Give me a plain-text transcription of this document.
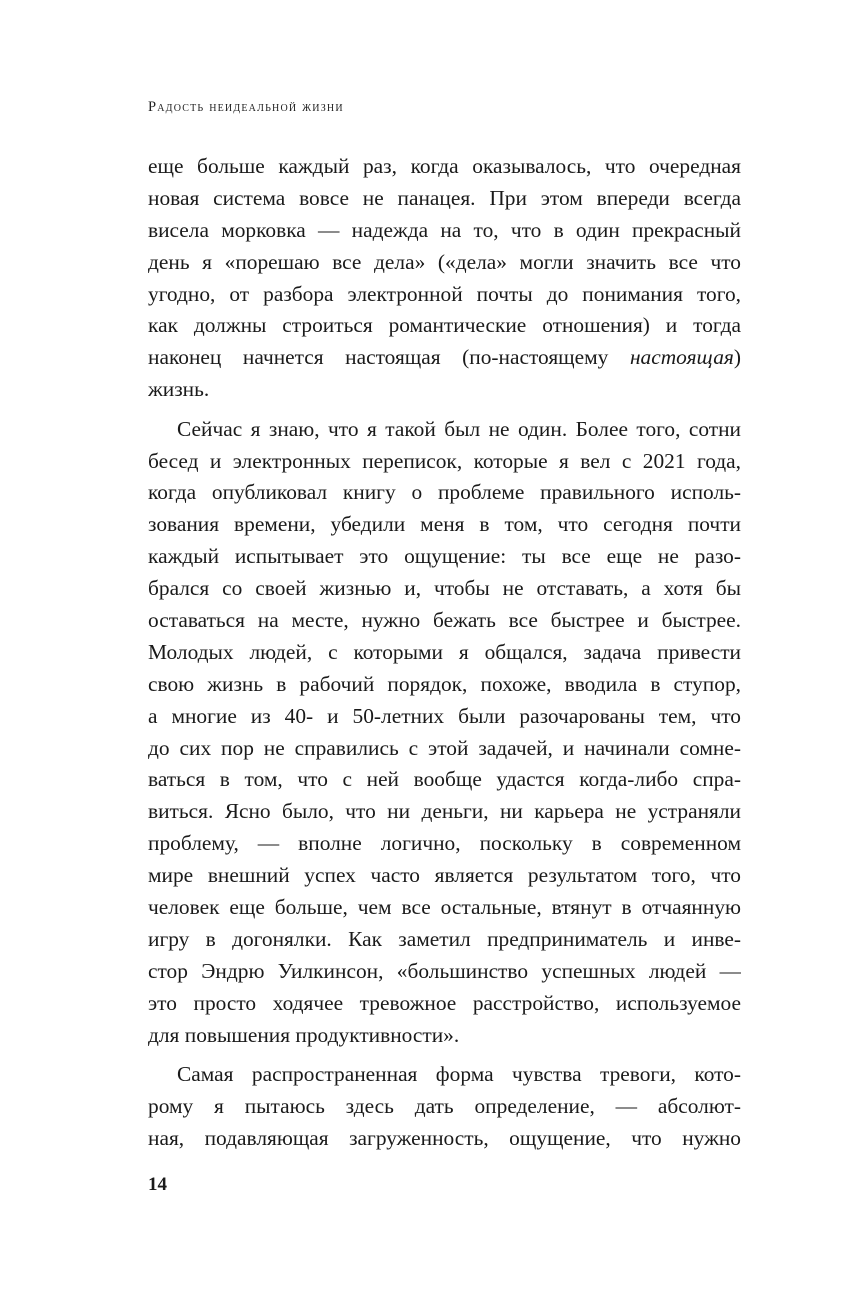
Радость неидеальной жизни
еще больше каждый раз, когда оказывалось, что очередная
новая система вовсе не панацея. При этом впереди всегда
висела морковка — надежда на то, что в один прекрасный
день я «порешаю все дела» («дела» могли значить все что
угодно, от разбора электронной почты до понимания того,
как должны строиться романтические отношения) и тогда
наконец начнется настоящая (по-настоящему настоящая)
жизнь.
Сейчас я знаю, что я такой был не один. Более того, сотни
бесед и электронных переписок, которые я вел с 2021 года,
когда опубликовал книгу о проблеме правильного исполь-
зования времени, убедили меня в том, что сегодня почти
каждый испытывает это ощущение: ты все еще не разо-
брался со своей жизнью и, чтобы не отставать, а хотя бы
оставаться на месте, нужно бежать все быстрее и быстрее.
Молодых людей, с которыми я общался, задача привести
свою жизнь в рабочий порядок, похоже, вводила в ступор,
а многие из 40- и 50-летних были разочарованы тем, что
до сих пор не справились с этой задачей, и начинали сомне-
ваться в том, что с ней вообще удастся когда-либо спра-
виться. Ясно было, что ни деньги, ни карьера не устраняли
проблему, — вполне логично, поскольку в современном
мире внешний успех часто является результатом того, что
человек еще больше, чем все остальные, втянут в отчаянную
игру в догонялки. Как заметил предприниматель и инве-
стор Эндрю Уилкинсон, «большинство успешных людей —
это просто ходячее тревожное расстройство, используемое
для повышения продуктивности».
Самая распространенная форма чувства тревоги, кото-
рому я пытаюсь здесь дать определение, — абсолют-
ная, подавляющая загруженность, ощущение, что нужно
14
